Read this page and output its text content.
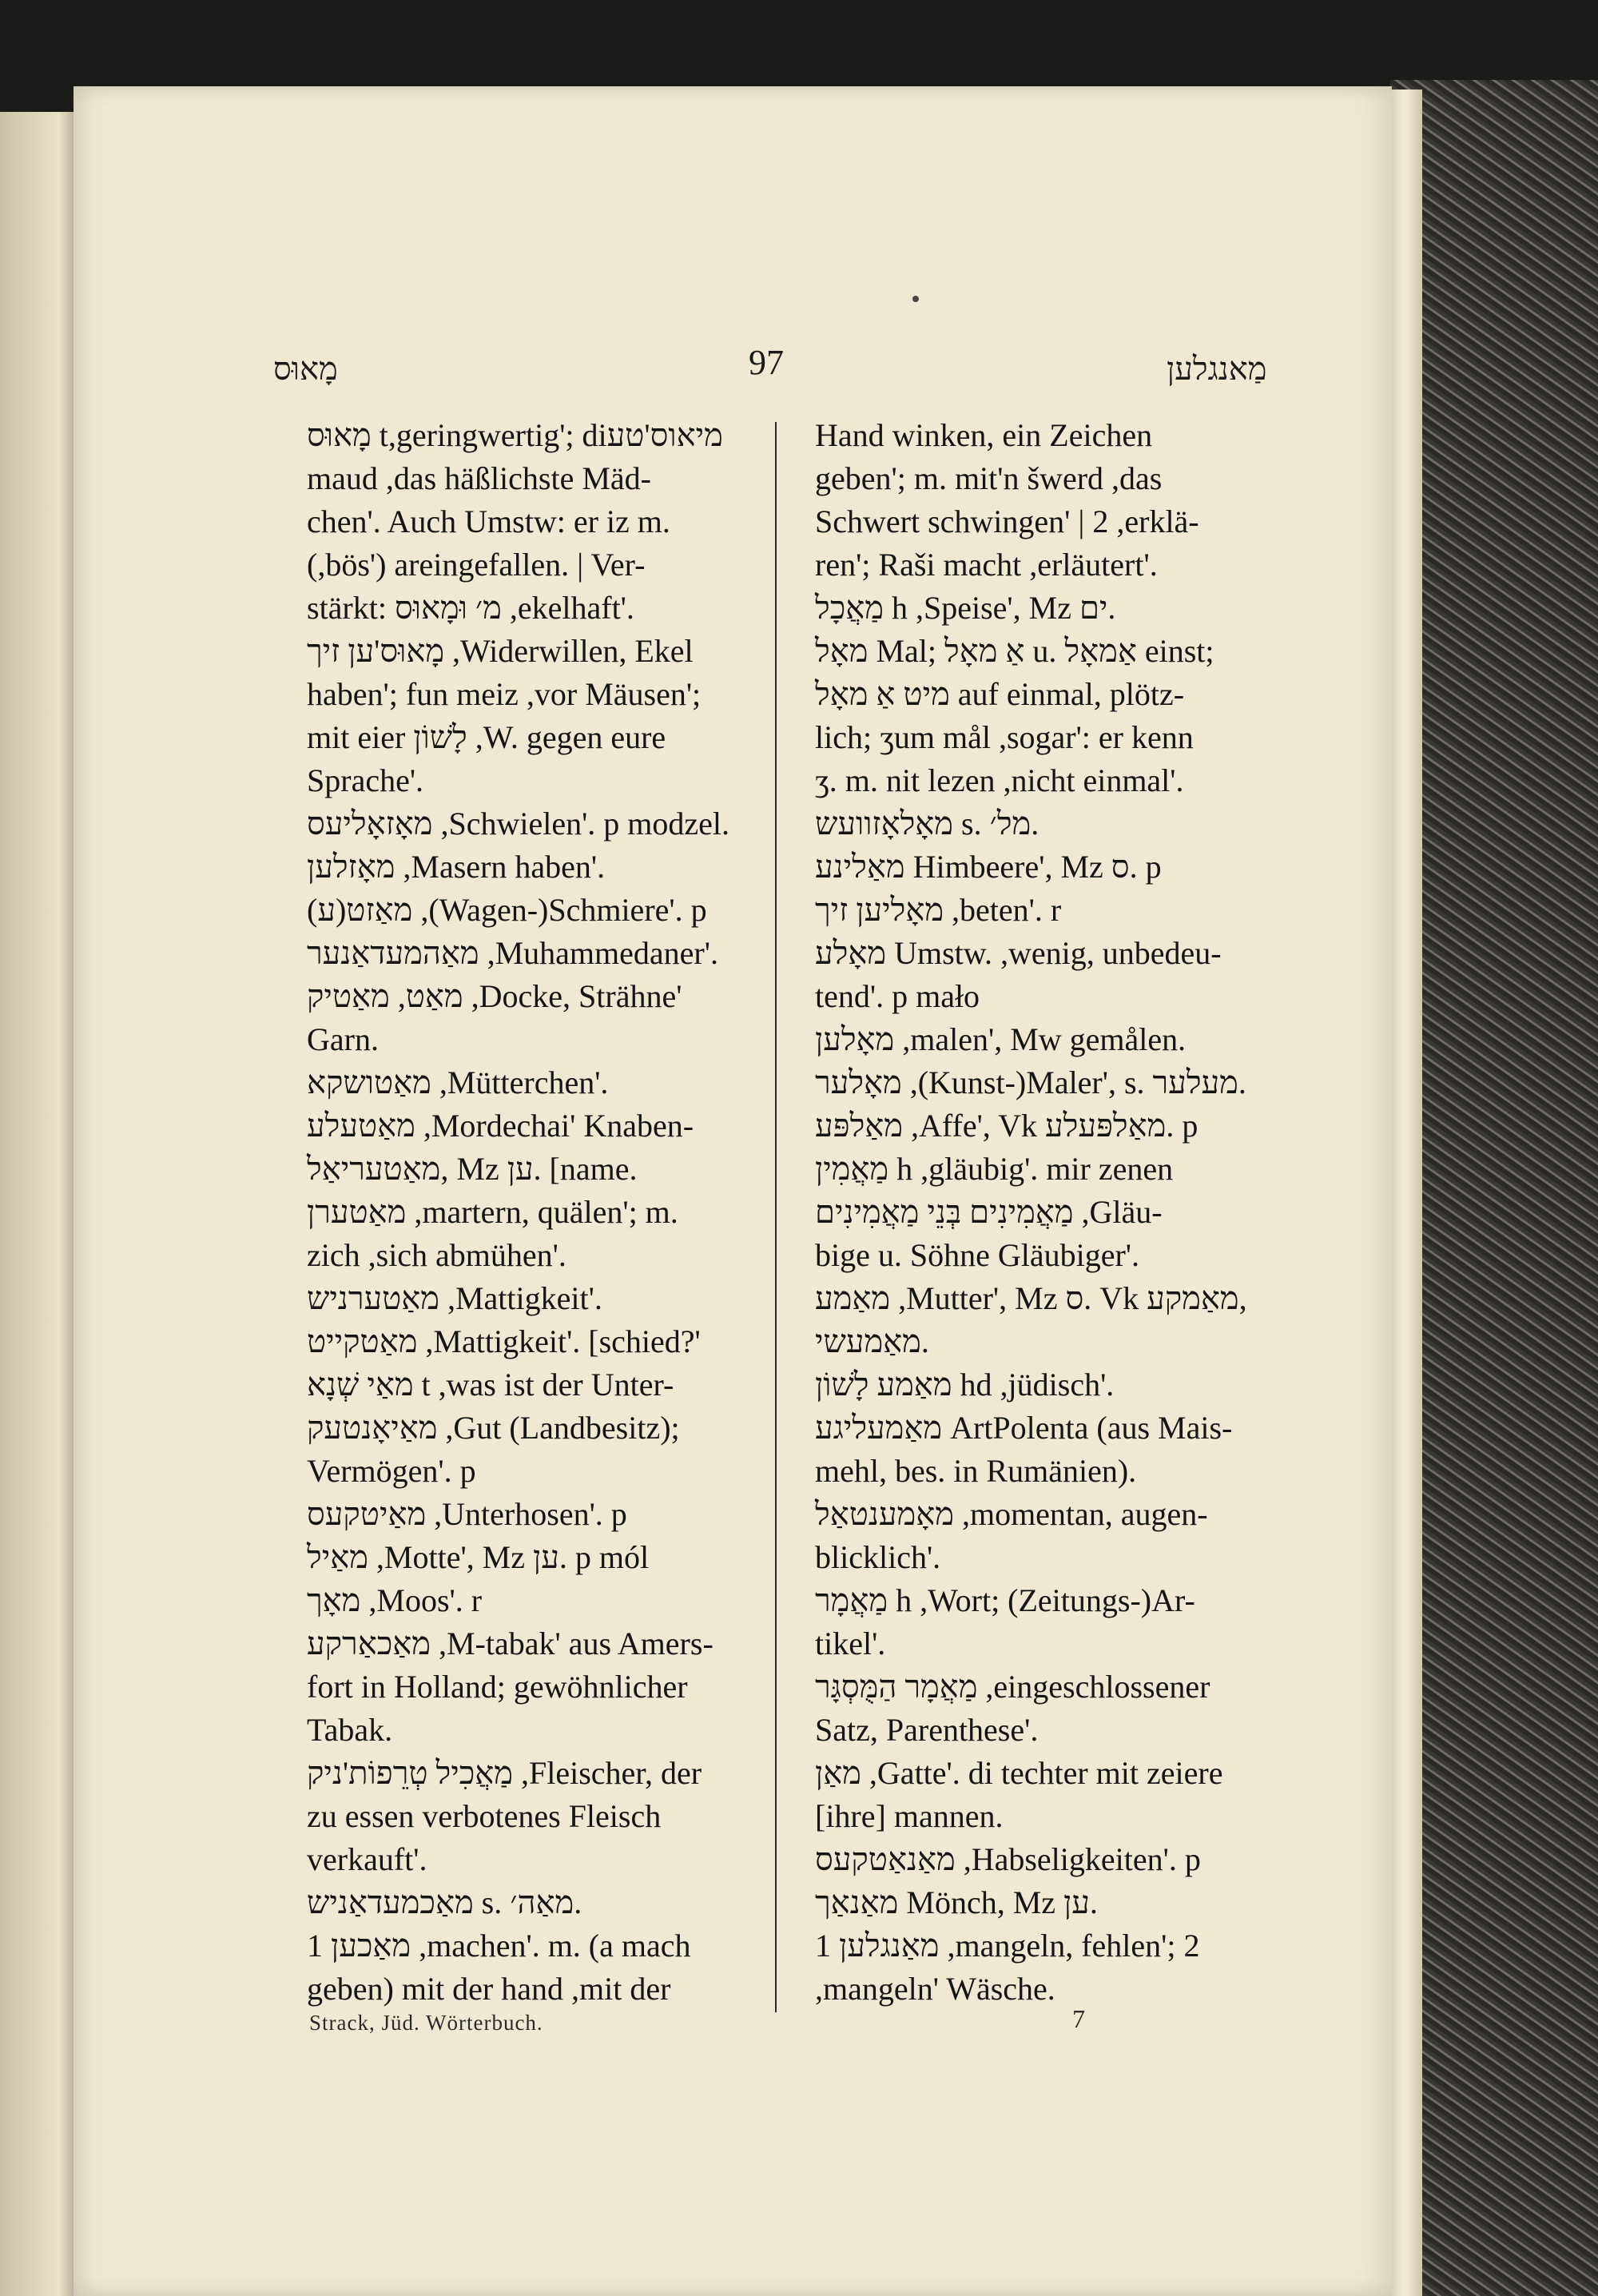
מָאוּס	97	מַאנגלען
מָאוּס t,geringwertig'; diמיאוס'טע
maud ,das häßlichste Mäd-
chen'. Auch Umstw: er iz m.
(,bös') areingefallen. | Ver-
stärkt: מ׳ וּמָאוּס ,ekelhaft'.
מָאוּס'ען זיך ,Widerwillen, Ekel
haben'; fun meiz ,vor Mäusen';
mit eier לָשׁוֹן ,W. gegen eure
Sprache'.
מאָזאָליעס ,Schwielen'. p modzel.
מאָזלען ,Masern haben'.
מאַזט(ע) ,(Wagen-)Schmiere'. p
מאַהמעדאַנער ,Muhammedaner'.
מאַט, מאַטיק ,Docke, Strähne'
Garn.
מאַטושקא ,Mütterchen'.
מאַטעלע ,Mordechai' Knaben-
מאַטעריאַל, Mz ען. [name.
מאַטערן ,martern, quälen'; m.
zich ,sich abmühen'.
מאַטערניש ,Mattigkeit'.
מאַטקייט ,Mattigkeit'. [schied?'
מאַי שְׁנָא t ,was ist der Unter-
מאַיאָנטעק ,Gut (Landbesitz);
Vermögen'. p
מאַיטקעס ,Unterhosen'. p
מאַיל ,Motte', Mz ען. p mól
מאָך ,Moos'. r
מאַכאַרקע ,M-tabak' aus Amers-
fort in Holland; gewöhnlicher
Tabak.
מַאֲכִיל טְרֵפוֹת'ניק ,Fleischer, der
zu essen verbotenes Fleisch
verkauft'.
מאַכמעדאַניש s. מאַה׳.
מאַכען 1 ,machen'. m. (a mach
geben) mit der hand ,mit der
Hand winken, ein Zeichen
geben'; m. mit'n šwerd ,das
Schwert schwingen' | 2 ,erklä-
ren'; Raši macht ,erläutert'.
מַאֲכָל h ,Speise', Mz ים.
מאָל Mal; אַ מאָל u. אַמאָל einst;
מיט אַ מאָל auf einmal, plötz-
lich; ʒum mål ,sogar': er kenn
ʒ. m. nit lezen ,nicht einmal'.
מאָלאָזוועש s. מל׳.
מאַלינע Himbeere', Mz ס. p
מאָליען זיך ,beten'. r
מאָלע Umstw. ,wenig, unbedeu-
tend'. p mało
מאָלען ,malen', Mw gemålen.
מאָלער ,(Kunst-)Maler', s. מעלער.
מאַלפּע ,Affe', Vk מאַלפּעלע. p
מַאֲמִין h ,gläubig'. mir zenen
מַאֲמִינִים בְּנֵי מַאֲמִינִים ,Gläu-
bige u. Söhne Gläubiger'.
מאַמע ,Mutter', Mz ס. Vk מאַמקע,
מאַמעשי.
מאַמע לָשׁוֹן hd ,jüdisch'.
מאַמעליגע ArtPolenta (aus Mais-
mehl, bes. in Rumänien).
מאָמענטאַל ,momentan, augen-
blicklich'.
מַאֲמָר h ,Wort; (Zeitungs-)Ar-
tikel'.
מַאֲמָר הַמֻּסְגָּר ,eingeschlossener
Satz, Parenthese'.
מאַן ,Gatte'. di techter mit zeiere
[ihre] mannen.
מאַנאַטקעס ,Habseligkeiten'. p
מאַנאַך Mönch, Mz ען.
מאַנגלען 1 ,mangeln, fehlen'; 2
,mangeln' Wäsche.
Strack, Jüd. Wörterbuch.	7
